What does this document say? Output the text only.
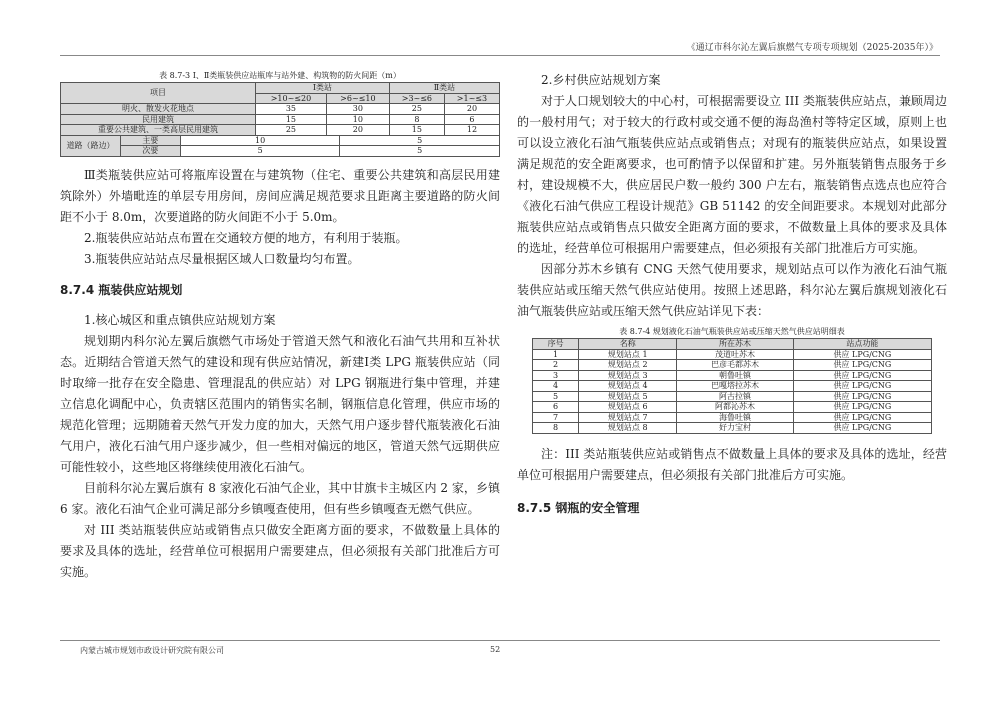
《通辽市科尔沁左翼后旗燃气专项专项规划（2025-2035年）》
表 8.7-3 Ⅰ、Ⅱ类瓶装供应站瓶库与站外建、构筑物的防火间距（m）
项目	Ⅰ类站		Ⅱ类站	
	>10~≤20	>6~≤10	>3~≤6	>1~≤3
明火、散发火花地点	35	30	25	20
民用建筑	15	10	8	6
重要公共建筑、一类高层民用建筑	25	20	15	12
道路（路边）	主要	10	5
	次要	5	5

Ⅲ类瓶装供应站可将瓶库设置在与建筑物（住宅、重要公共建筑和高层民用建筑除外）外墙毗连的单层专用房间，房间应满足规范要求且距离主要道路的防火间距不小于 8.0m，次要道路的防火间距不小于 5.0m。

2.瓶装供应站站点布置在交通较方便的地方，有利用于装瓶。

3.瓶装供应站站点尽量根据区域人口数量均匀布置。

8.7.4 瓶装供应站规划

1.核心城区和重点镇供应站规划方案

规划期内科尔沁左翼后旗燃气市场处于管道天然气和液化石油气共用和互补状态。近期结合管道天然气的建设和现有供应站情况，新建Ⅰ类 LPG 瓶装供应站（同时取缔一批存在安全隐患、管理混乱的供应站）对 LPG 钢瓶进行集中管理，并建立信息化调配中心，负责辖区范围内的销售实名制，钢瓶信息化管理，供应市场的规范化管理；远期随着天然气开发力度的加大，天然气用户逐步替代瓶装液化石油气用户，液化石油气用户逐步减少，但一些相对偏远的地区，管道天然气远期供应可能性较小，这些地区将继续使用液化石油气。

目前科尔沁左翼后旗有 8 家液化石油气企业，其中甘旗卡主城区内 2 家，乡镇 6 家。液化石油气企业可满足部分乡镇嘎查使用，但有些乡镇嘎查无燃气供应。

对 III 类站瓶装供应站或销售点只做安全距离方面的要求，不做数量上具体的要求及具体的选址，经营单位可根据用户需要建点，但必须报有关部门批准后方可实施。

2.乡村供应站规划方案

对于人口规划较大的中心村，可根据需要设立 III 类瓶装供应站点，兼顾周边的一般村用气；对于较大的行政村或交通不便的海岛渔村等特定区域，原则上也可以设立液化石油气瓶装供应站点或销售点；对现有的瓶装供应站点，如果设置满足规范的安全距离要求，也可酌情予以保留和扩建。另外瓶装销售点服务于乡村，建设规模不大，供应居民户数一般约 300 户左右，瓶装销售点选点也应符合《液化石油气供应工程设计规范》GB 51142 的安全间距要求。本规划对此部分瓶装供应站点或销售点只做安全距离方面的要求，不做数量上具体的要求及具体的选址，经营单位可根据用户需要建点，但必须报有关部门批准后方可实施。

因部分苏木乡镇有 CNG 天然气使用要求，规划站点可以作为液化石油气瓶装供应站或压缩天然气供应站使用。按照上述思路，科尔沁左翼后旗规划液化石油气瓶装供应站或压缩天然气供应站详见下表：

表 8.7-4 规划液化石油气瓶装供应站或压缩天然气供应站明细表
序号	名称	所在苏木	站点功能
1	规划站点 1	茂道吐苏木	供应 LPG/CNG
2	规划站点 2	巴彦毛都苏木	供应 LPG/CNG
3	规划站点 3	朝鲁吐镇	供应 LPG/CNG
4	规划站点 4	巴嘎塔拉苏木	供应 LPG/CNG
5	规划站点 5	阿古拉镇	供应 LPG/CNG
6	规划站点 6	阿都沁苏木	供应 LPG/CNG
7	规划站点 7	海鲁吐镇	供应 LPG/CNG
8	规划站点 8	好力宝村	供应 LPG/CNG

注：III 类站瓶装供应站或销售点不做数量上具体的要求及具体的选址，经营单位可根据用户需要建点，但必须报有关部门批准后方可实施。

8.7.5 钢瓶的安全管理
内蒙古城市规划市政设计研究院有限公司	52
